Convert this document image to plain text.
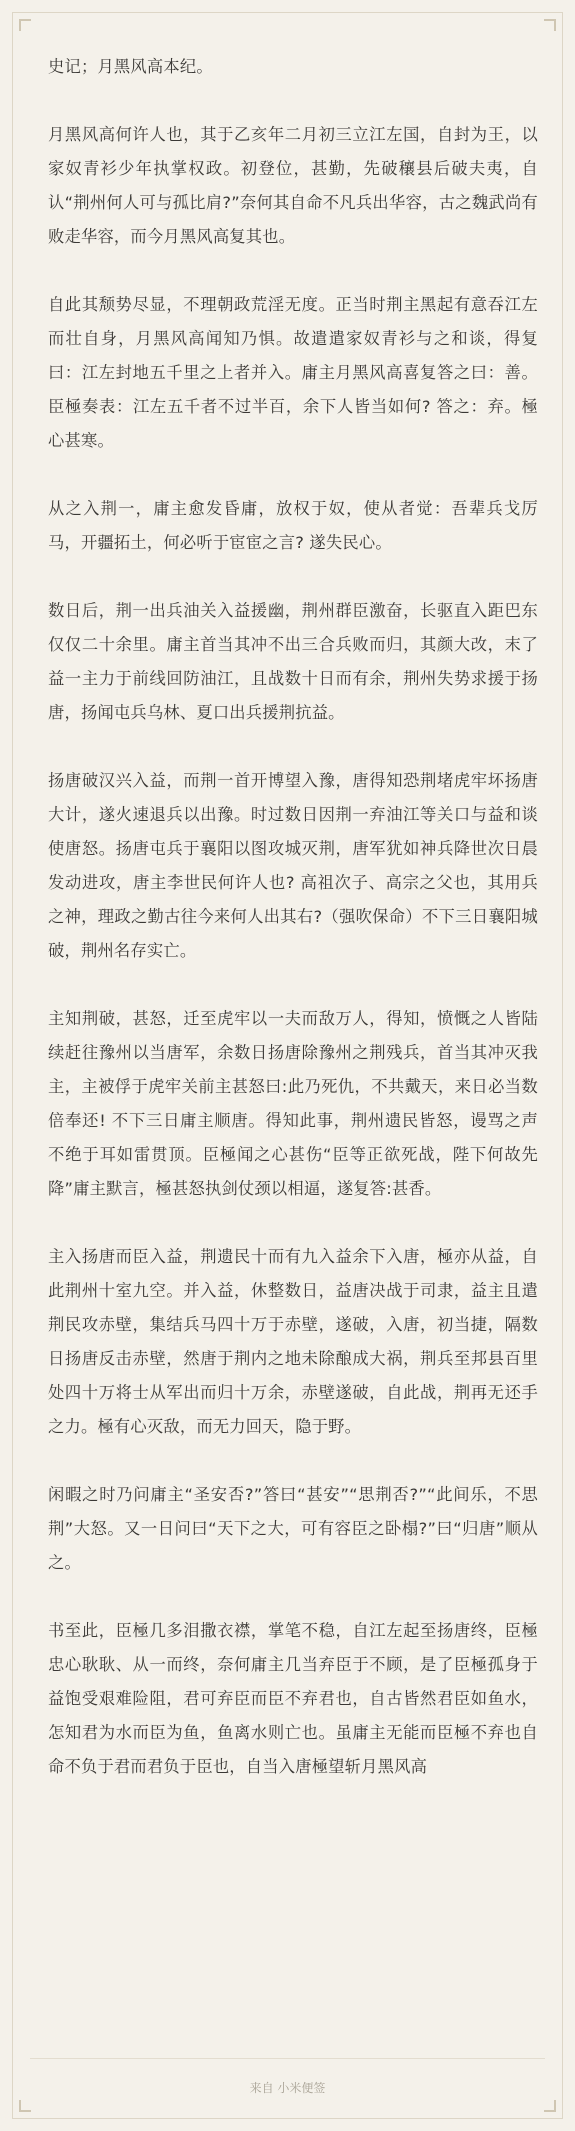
史记；月黑风高本纪。

月黑风高何许人也，其于乙亥年二月初三立江左国，自封为王，以家奴青衫少年执掌权政。初登位，甚勤，先破穰县后破夫夷，自认“荆州何人可与孤比肩?”奈何其自命不凡兵出华容，古之魏武尚有败走华容，而今月黑风高复其也。

自此其颓势尽显，不理朝政荒淫无度。正当时荆主黑起有意吞江左而壮自身，月黑风高闻知乃惧。故遣遣家奴青衫与之和谈，得复曰：江左封地五千里之上者并入。庸主月黑风高喜复答之曰：善。臣極奏表：江左五千者不过半百，余下人皆当如何? 答之：弃。極心甚寒。

从之入荆一，庸主愈发昏庸，放权于奴，使从者觉：吾辈兵戈厉马，开疆拓土，何必听于宦宦之言? 遂失民心。

数日后，荆一出兵油关入益援幽，荆州群臣激奋，长驱直入距巴东仅仅二十余里。庸主首当其冲不出三合兵败而归，其颜大改，末了益一主力于前线回防油江，且战数十日而有余，荆州失势求援于扬唐，扬闻屯兵乌林、夏口出兵援荆抗益。

扬唐破汉兴入益，而荆一首开博望入豫，唐得知恐荆堵虎牢坏扬唐大计，遂火速退兵以出豫。时过数日因荆一弃油江等关口与益和谈使唐怒。扬唐屯兵于襄阳以图攻城灭荆，唐军犹如神兵降世次日晨发动进攻，唐主李世民何许人也? 高祖次子、高宗之父也，其用兵之神，理政之勤古往今来何人出其右?（强吹保命）不下三日襄阳城破，荆州名存实亡。

主知荆破，甚怒，迁至虎牢以一夫而敌万人，得知，愤慨之人皆陆续赶往豫州以当唐军，余数日扬唐除豫州之荆残兵，首当其冲灭我主，主被俘于虎牢关前主甚怒曰:此乃死仇，不共戴天，来日必当数倍奉还! 不下三日庸主顺唐。得知此事，荆州遗民皆怒，谩骂之声不绝于耳如雷贯顶。臣極闻之心甚伤“臣等正欲死战，陛下何故先降”庸主默言，極甚怒执剑仗颈以相逼，遂复答:甚香。

主入扬唐而臣入益，荆遗民十而有九入益余下入唐，極亦从益，自此荆州十室九空。并入益，休整数日，益唐决战于司隶，益主且遣荆民攻赤壁，集结兵马四十万于赤壁，遂破，入唐，初当捷，隔数日扬唐反击赤壁，然唐于荆内之地未除酿成大祸，荆兵至邦县百里处四十万将士从军出而归十万余，赤壁遂破，自此战，荆再无还手之力。極有心灭敌，而无力回天，隐于野。

闲暇之时乃问庸主“圣安否?”答曰“甚安”“思荆否?”“此间乐，不思荆”大怒。又一日问曰“天下之大，可有容臣之卧榻?”曰“归唐”顺从之。

书至此，臣極几多泪撒衣襟，掌笔不稳，自江左起至扬唐终，臣極忠心耿耿、从一而终，奈何庸主几当弃臣于不顾，是了臣極孤身于益饱受艰难险阻，君可弃臣而臣不弃君也，自古皆然君臣如鱼水，怎知君为水而臣为鱼，鱼离水则亡也。虽庸主无能而臣極不弃也自命不负于君而君负于臣也，自当入唐極望斩月黑风高

来自 小米便签
